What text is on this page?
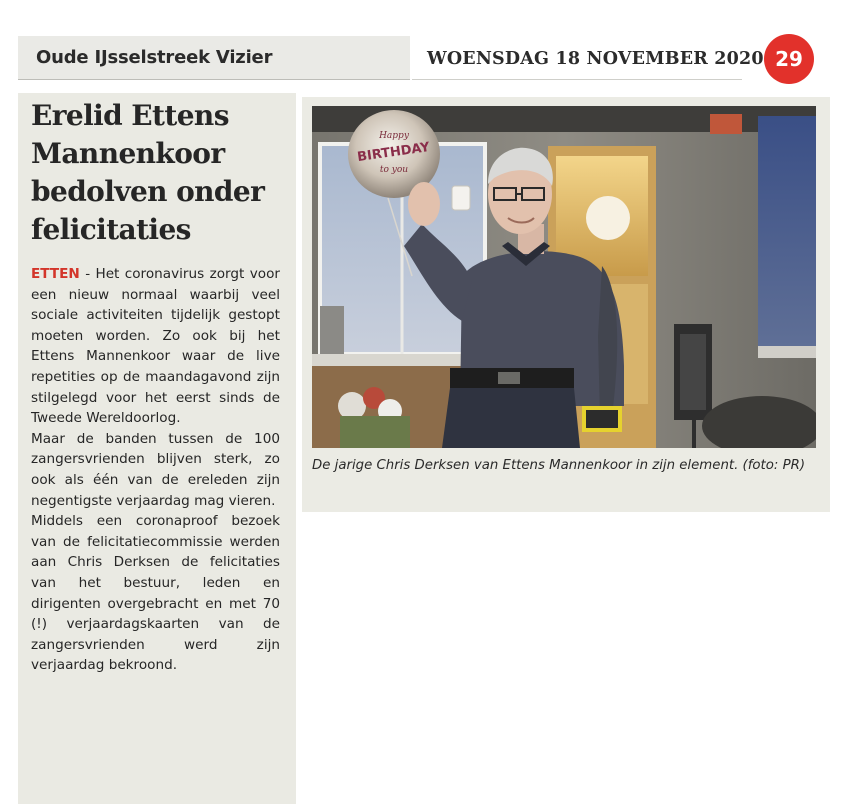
Oude IJsselstreek Vizier	WOENSDAG 18 NOVEMBER 2020 29
Erelid Ettens Mannenkoor bedolven onder felicitaties

ETTEN - Het coronavirus zorgt voor een nieuw normaal waarbij veel sociale activiteiten tijdelijk gestopt moeten worden. Zo ook bij het Ettens Mannenkoor waar de live repetities op de maandagavond zijn stilgelegd voor het eerst sinds de Tweede Wereldoorlog.

Maar de banden tussen de 100 zangersvrienden blijven sterk, zo ook als één van de ereleden zijn negentigste verjaardag mag vieren.

Middels een coronaproof bezoek van de felicitatiecommissie werden aan Chris Derksen de felicitaties van het bestuur, leden en dirigenten overgebracht en met 70 (!) verjaardagskaarten van de zangersvrienden werd zijn verjaardag bekroond.

Happy
BIRTHDAY
to you
De jarige Chris Derksen van Ettens Mannenkoor in zijn element. (foto: PR)
